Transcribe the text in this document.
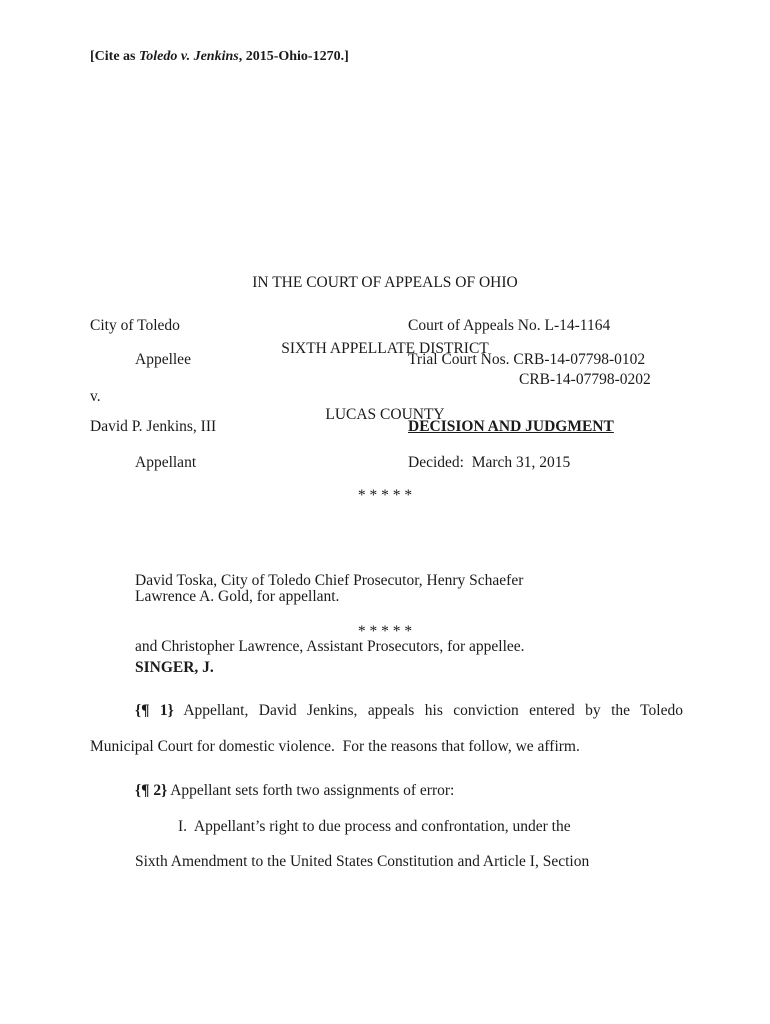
[Cite as Toledo v. Jenkins, 2015-Ohio-1270.]

IN THE COURT OF APPEALS OF OHIO

SIXTH APPELLATE DISTRICT

LUCAS COUNTY

City of Toledo
Appellee
v.
David P. Jenkins, III
Appellant
Court of Appeals No. L-14-1164
Trial Court Nos. CRB-14-07798-0102
CRB-14-07798-0202
DECISION AND JUDGMENT
Decided:  March 31, 2015
* * * * *

David Toska, City of Toledo Chief Prosecutor, Henry Schaefer

and Christopher Lawrence, Assistant Prosecutors, for appellee.

Lawrence A. Gold, for appellant.
* * * * *
SINGER, J.
{¶ 1} Appellant, David Jenkins, appeals his conviction entered by the Toledo
Municipal Court for domestic violence.  For the reasons that follow, we affirm.
{¶ 2} Appellant sets forth two assignments of error:
I.  Appellant’s right to due process and confrontation, under the
Sixth Amendment to the United States Constitution and Article I, Section
